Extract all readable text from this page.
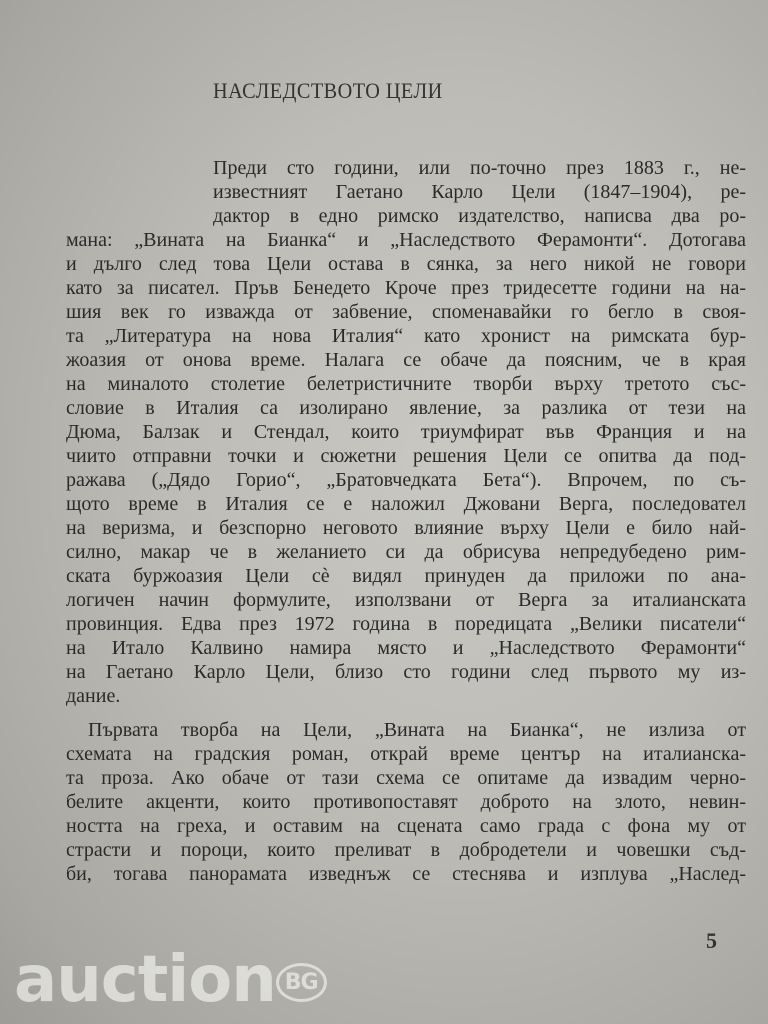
НАСЛЕДСТВОТО ЦЕЛИ
Преди сто години, или по-точно през 1883 г., не-
известният Гаетано Карло Цели (1847–1904), ре-
дактор в едно римско издателство, написва два ро-
мана: „Вината на Бианка“ и „Наследството Ферамонти“. Дотогава
и дълго след това Цели остава в сянка, за него никой не говори
като за писател. Пръв Бенедето Кроче през тридесетте години на на-
шия век го изважда от забвение, споменавайки го бегло в своя-
та „Литература на нова Италия“ като хронист на римската бур-
жоазия от онова време. Налага се обаче да поясним, че в края
на миналото столетие белетристичните творби върху третото със-
словие в Италия са изолирано явление, за разлика от тези на
Дюма, Балзак и Стендал, които триумфират във Франция и на
чиито отправни точки и сюжетни решения Цели се опитва да под-
ражава („Дядо Горио“, „Братовчедката Бета“). Впрочем, по съ-
щото време в Италия се е наложил Джовани Верга, последовател
на веризма, и безспорно неговото влияние върху Цели е било най-
силно, макар че в желанието си да обрисува непредубедено рим-
ската буржоазия Цели сѐ видял принуден да приложи по ана-
логичен начин формулите, използвани от Верга за италианската
провинция. Едва през 1972 година в поредицата „Велики писатели“
на Итало Калвино намира място и „Наследството Ферамонти“
на Гаетано Карло Цели, близо сто години след първото му из-
дание.
Първата творба на Цели, „Вината на Бианка“, не излиза от
схемата на градския роман, открай време център на италианска-
та проза. Ако обаче от тази схема се опитаме да извадим черно-
белите акценти, които противопоставят доброто на злото, невин-
ността на греха, и оставим на сцената само града с фона му от
страсти и пороци, които преливат в добродетели и човешки съд-
би, тогава панорамата изведнъж се стеснява и изплува „Наслед-
5
auction BG
